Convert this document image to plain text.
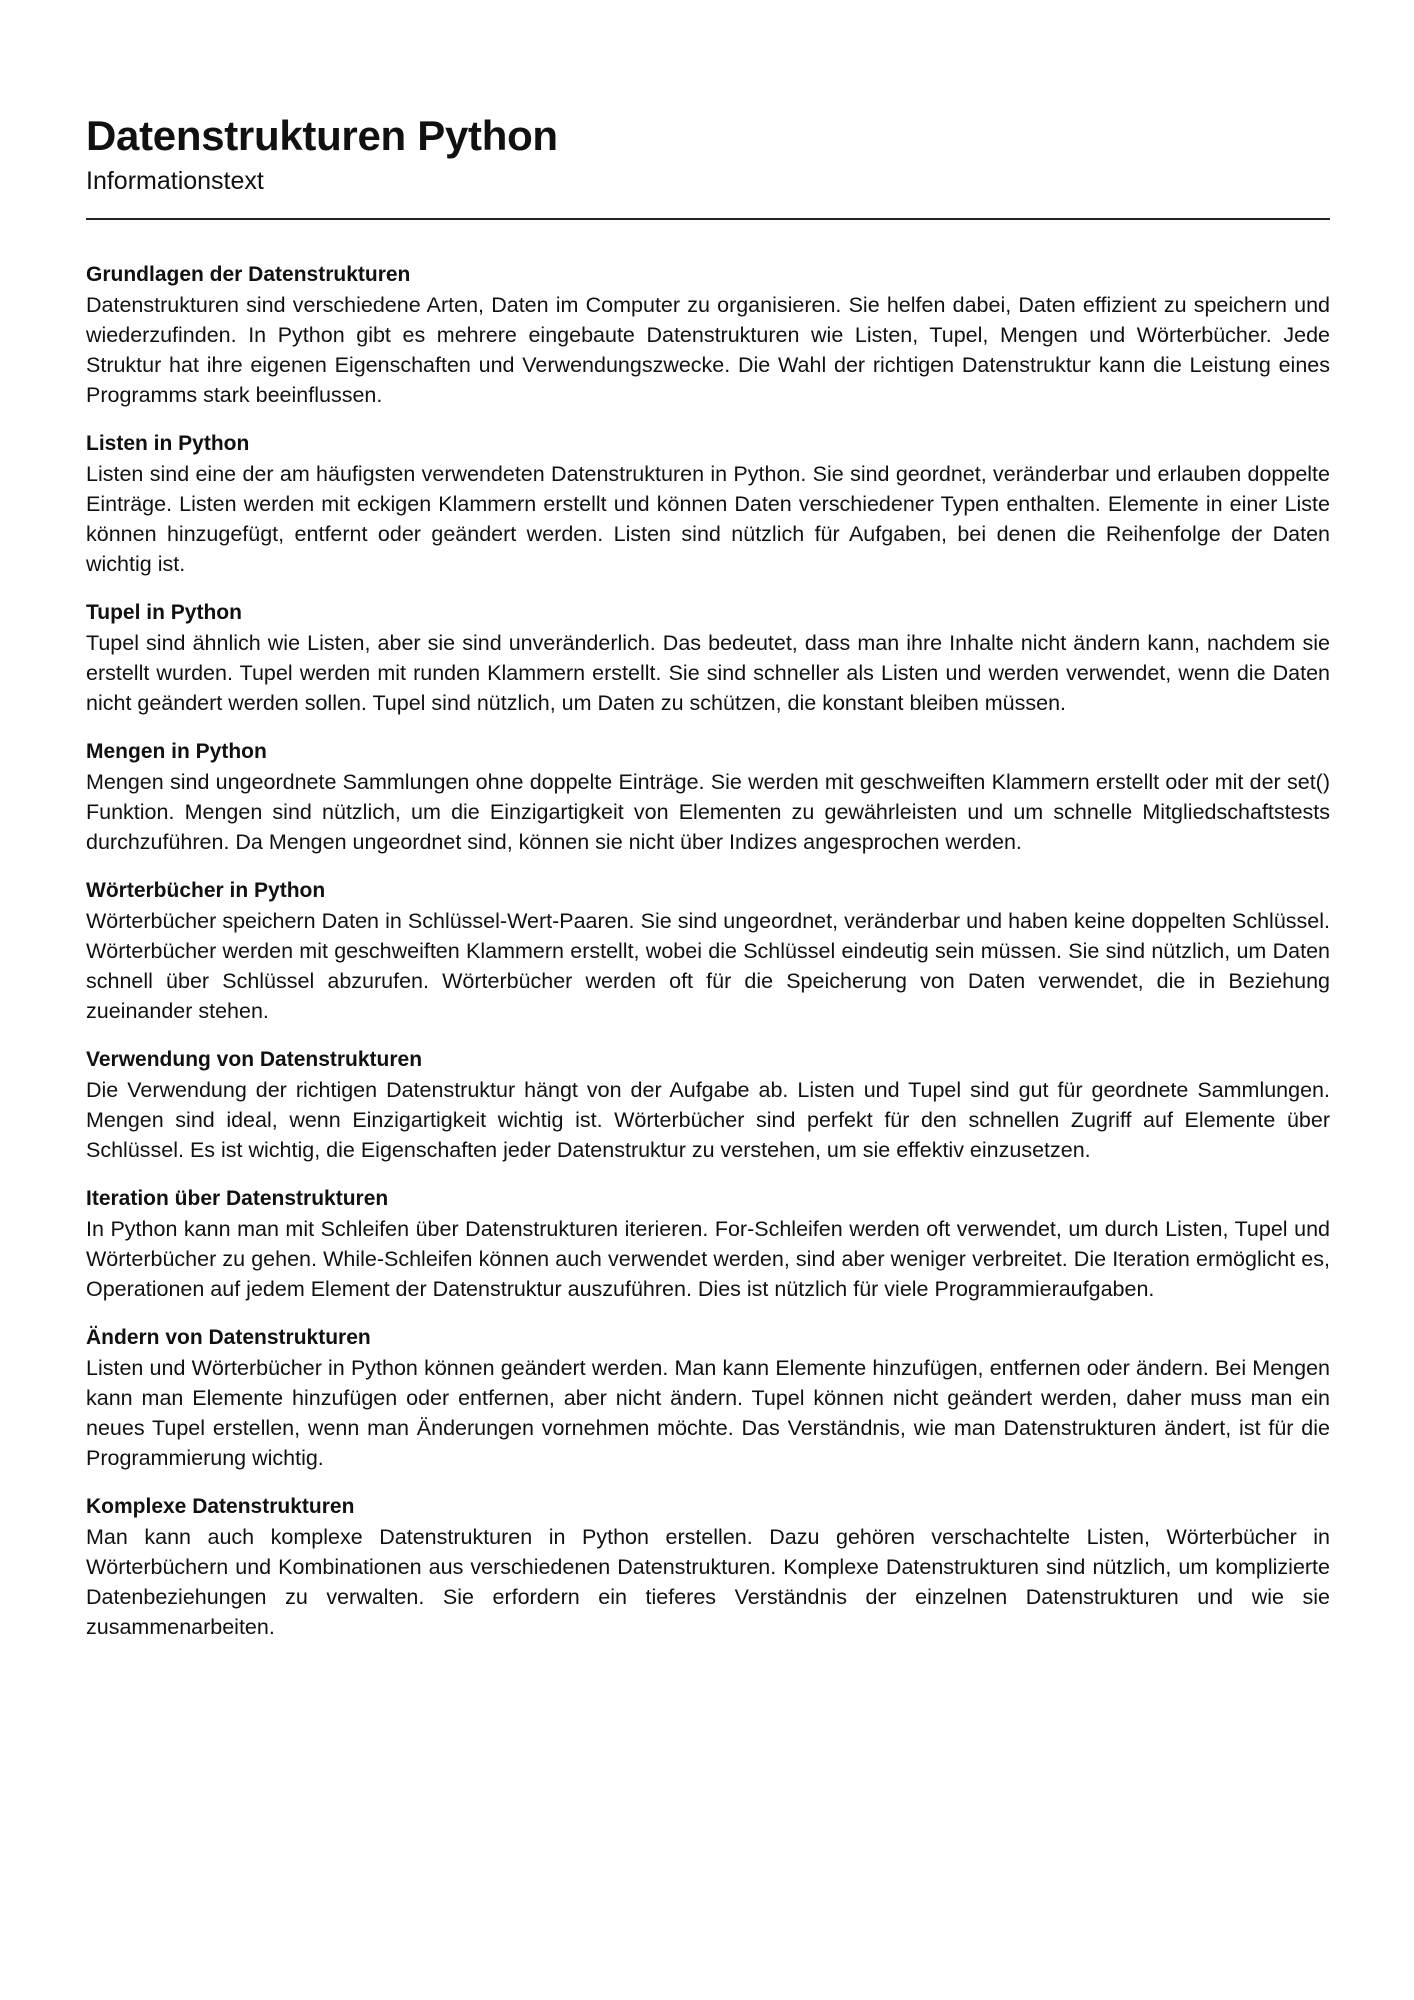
Datenstrukturen Python

Informationstext

Grundlagen der Datenstrukturen

Datenstrukturen sind verschiedene Arten, Daten im Computer zu organisieren. Sie helfen dabei, Daten effizient zu speichern und wiederzufinden. In Python gibt es mehrere eingebaute Datenstrukturen wie Listen, Tupel, Mengen und Wörterbücher. Jede Struktur hat ihre eigenen Eigenschaften und Verwendungszwecke. Die Wahl der richtigen Datenstruktur kann die Leistung eines Programms stark beeinflussen.

Listen in Python

Listen sind eine der am häufigsten verwendeten Datenstrukturen in Python. Sie sind geordnet, veränderbar und erlauben doppelte Einträge. Listen werden mit eckigen Klammern erstellt und können Daten verschiedener Typen enthalten. Elemente in einer Liste können hinzugefügt, entfernt oder geändert werden. Listen sind nützlich für Aufgaben, bei denen die Reihenfolge der Daten wichtig ist.

Tupel in Python

Tupel sind ähnlich wie Listen, aber sie sind unveränderlich. Das bedeutet, dass man ihre Inhalte nicht ändern kann, nachdem sie erstellt wurden. Tupel werden mit runden Klammern erstellt. Sie sind schneller als Listen und werden verwendet, wenn die Daten nicht geändert werden sollen. Tupel sind nützlich, um Daten zu schützen, die konstant bleiben müssen.

Mengen in Python

Mengen sind ungeordnete Sammlungen ohne doppelte Einträge. Sie werden mit geschweiften Klammern erstellt oder mit der set() Funktion. Mengen sind nützlich, um die Einzigartigkeit von Elementen zu gewährleisten und um schnelle Mitgliedschaftstests durchzuführen. Da Mengen ungeordnet sind, können sie nicht über Indizes angesprochen werden.

Wörterbücher in Python

Wörterbücher speichern Daten in Schlüssel-Wert-Paaren. Sie sind ungeordnet, veränderbar und haben keine doppelten Schlüssel. Wörterbücher werden mit geschweiften Klammern erstellt, wobei die Schlüssel eindeutig sein müssen. Sie sind nützlich, um Daten schnell über Schlüssel abzurufen. Wörterbücher werden oft für die Speicherung von Daten verwendet, die in Beziehung zueinander stehen.

Verwendung von Datenstrukturen

Die Verwendung der richtigen Datenstruktur hängt von der Aufgabe ab. Listen und Tupel sind gut für geordnete Sammlungen. Mengen sind ideal, wenn Einzigartigkeit wichtig ist. Wörterbücher sind perfekt für den schnellen Zugriff auf Elemente über Schlüssel. Es ist wichtig, die Eigenschaften jeder Datenstruktur zu verstehen, um sie effektiv einzusetzen.

Iteration über Datenstrukturen

In Python kann man mit Schleifen über Datenstrukturen iterieren. For-Schleifen werden oft verwendet, um durch Listen, Tupel und Wörterbücher zu gehen. While-Schleifen können auch verwendet werden, sind aber weniger verbreitet. Die Iteration ermöglicht es, Operationen auf jedem Element der Datenstruktur auszuführen. Dies ist nützlich für viele Programmieraufgaben.

Ändern von Datenstrukturen

Listen und Wörterbücher in Python können geändert werden. Man kann Elemente hinzufügen, entfernen oder ändern. Bei Mengen kann man Elemente hinzufügen oder entfernen, aber nicht ändern. Tupel können nicht geändert werden, daher muss man ein neues Tupel erstellen, wenn man Änderungen vornehmen möchte. Das Verständnis, wie man Datenstrukturen ändert, ist für die Programmierung wichtig.

Komplexe Datenstrukturen

Man kann auch komplexe Datenstrukturen in Python erstellen. Dazu gehören verschachtelte Listen, Wörterbücher in Wörterbüchern und Kombinationen aus verschiedenen Datenstrukturen. Komplexe Datenstrukturen sind nützlich, um komplizierte Datenbeziehungen zu verwalten. Sie erfordern ein tieferes Verständnis der einzelnen Datenstrukturen und wie sie zusammenarbeiten.
